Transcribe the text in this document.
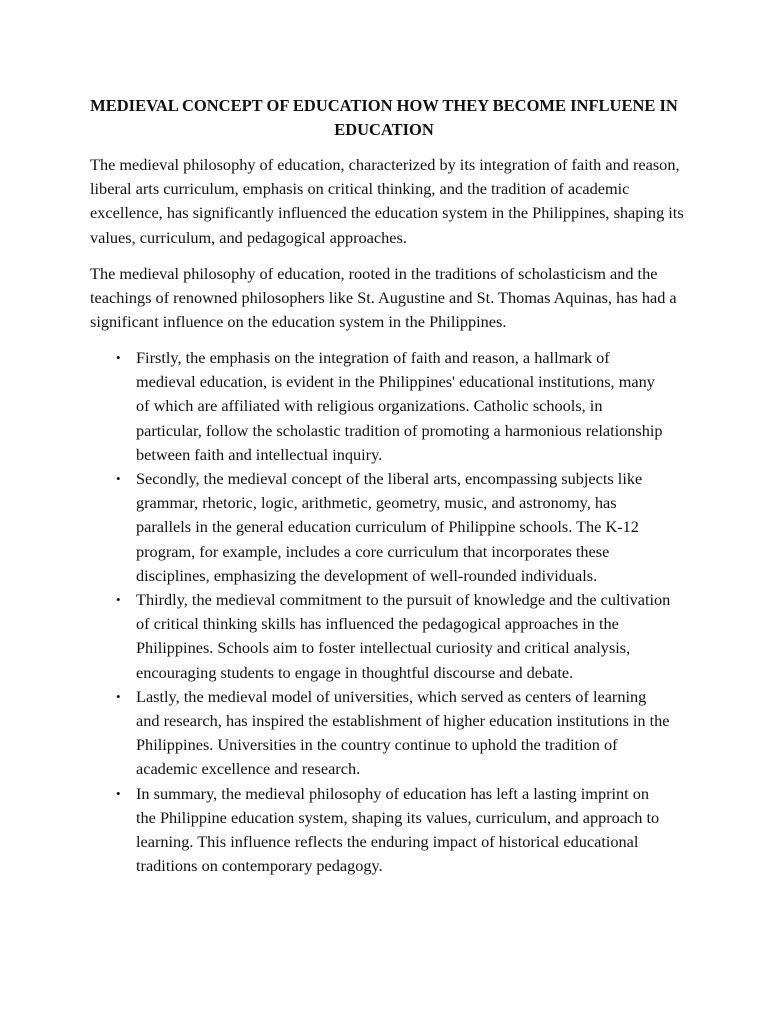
MEDIEVAL CONCEPT OF EDUCATION HOW THEY BECOME INFLUENE IN EDUCATION

The medieval philosophy of education, characterized by its integration of faith and reason, liberal arts curriculum, emphasis on critical thinking, and the tradition of academic excellence, has significantly influenced the education system in the Philippines, shaping its values, curriculum, and pedagogical approaches.

The medieval philosophy of education, rooted in the traditions of scholasticism and the teachings of renowned philosophers like St. Augustine and St. Thomas Aquinas, has had a significant influence on the education system in the Philippines.

• Firstly, the emphasis on the integration of faith and reason, a hallmark of medieval education, is evident in the Philippines' educational institutions, many of which are affiliated with religious organizations. Catholic schools, in particular, follow the scholastic tradition of promoting a harmonious relationship between faith and intellectual inquiry.
• Secondly, the medieval concept of the liberal arts, encompassing subjects like grammar, rhetoric, logic, arithmetic, geometry, music, and astronomy, has parallels in the general education curriculum of Philippine schools. The K-12 program, for example, includes a core curriculum that incorporates these disciplines, emphasizing the development of well-rounded individuals.
• Thirdly, the medieval commitment to the pursuit of knowledge and the cultivation of critical thinking skills has influenced the pedagogical approaches in the Philippines. Schools aim to foster intellectual curiosity and critical analysis, encouraging students to engage in thoughtful discourse and debate.
• Lastly, the medieval model of universities, which served as centers of learning and research, has inspired the establishment of higher education institutions in the Philippines. Universities in the country continue to uphold the tradition of academic excellence and research.
• In summary, the medieval philosophy of education has left a lasting imprint on the Philippine education system, shaping its values, curriculum, and approach to learning. This influence reflects the enduring impact of historical educational traditions on contemporary pedagogy.
